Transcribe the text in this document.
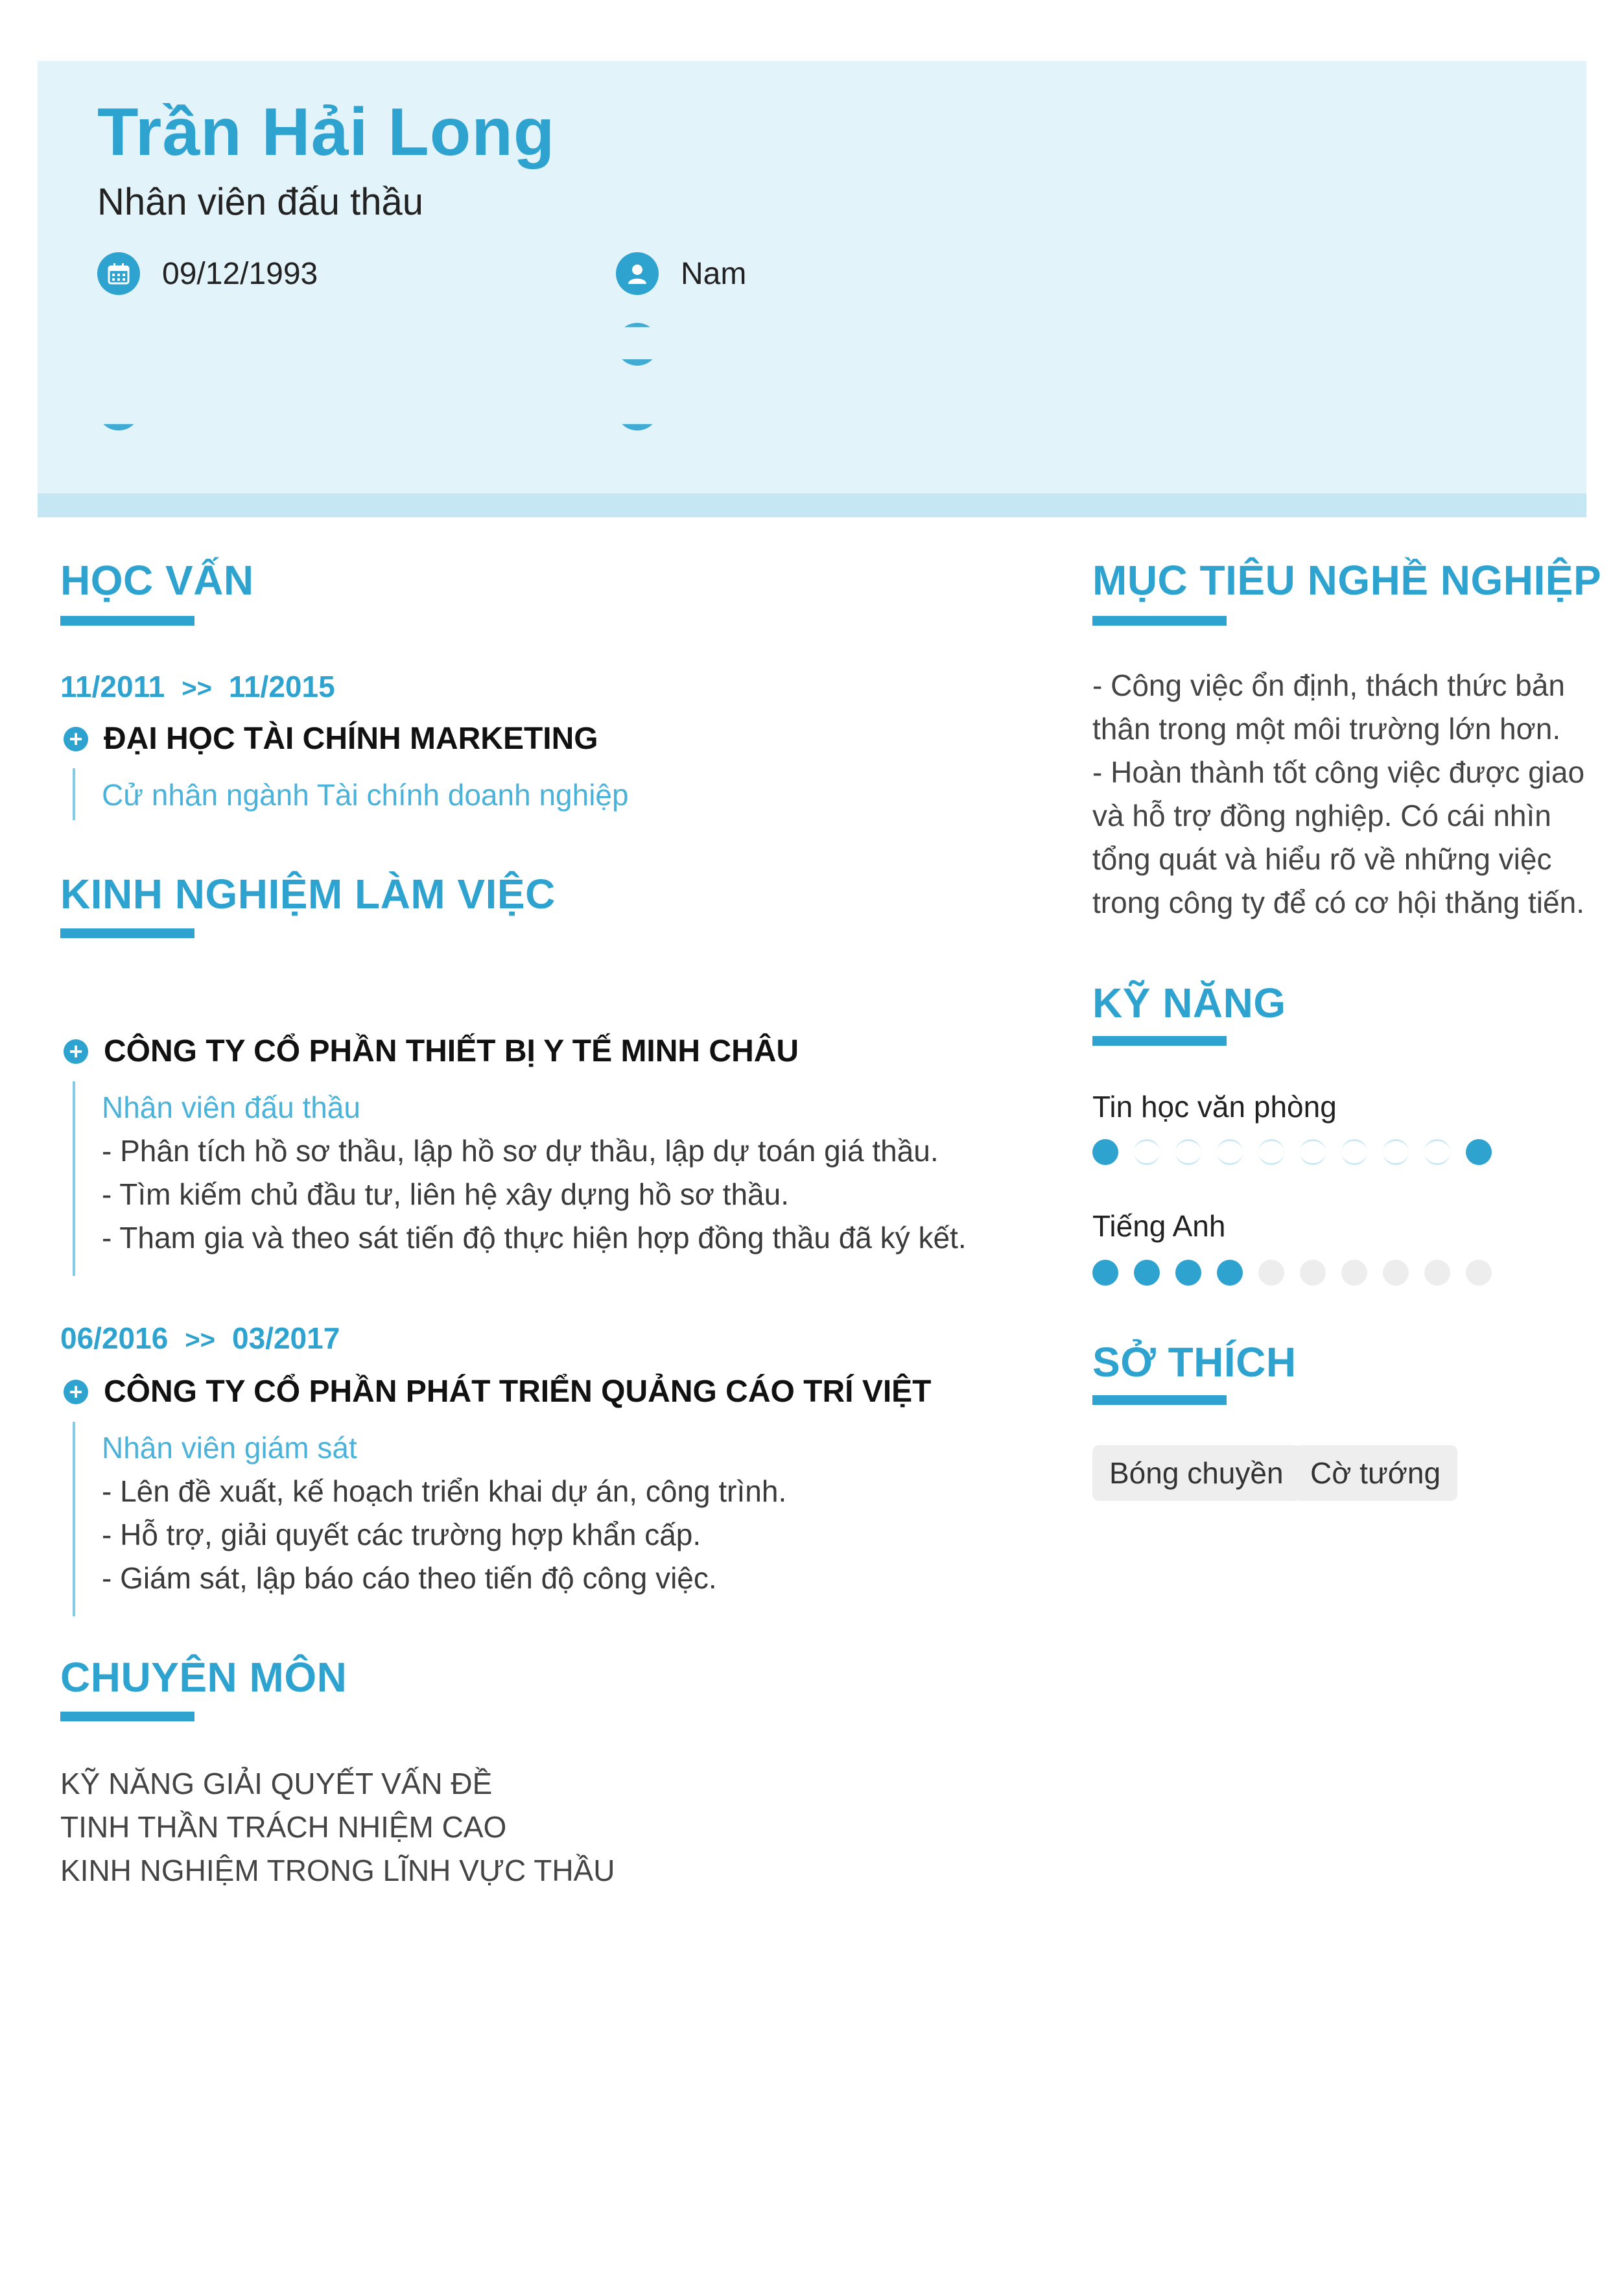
Trần Hải Long
Nhân viên đấu thầu
09/12/1993	Nam
HỌC VẤN
11/2011 >> 11/2015
+ ĐẠI HỌC TÀI CHÍNH MARKETING
Cử nhân ngành Tài chính doanh nghiệp
KINH NGHIỆM LÀM VIỆC
+ CÔNG TY CỔ PHẦN THIẾT BỊ Y TẾ MINH CHÂU
Nhân viên đấu thầu
- Phân tích hồ sơ thầu, lập hồ sơ dự thầu, lập dự toán giá thầu.
- Tìm kiếm chủ đầu tư, liên hệ xây dựng hồ sơ thầu.
- Tham gia và theo sát tiến độ thực hiện hợp đồng thầu đã ký kết.
06/2016 >> 03/2017
+ CÔNG TY CỔ PHẦN PHÁT TRIỂN QUẢNG CÁO TRÍ VIỆT
Nhân viên giám sát
- Lên đề xuất, kế hoạch triển khai dự án, công trình.
- Hỗ trợ, giải quyết các trường hợp khẩn cấp.
- Giám sát, lập báo cáo theo tiến độ công việc.
CHUYÊN MÔN
KỸ NĂNG GIẢI QUYẾT VẤN ĐỀ
TINH THẦN TRÁCH NHIỆM CAO
KINH NGHIỆM TRONG LĨNH VỰC THẦU
MỤC TIÊU NGHỀ NGHIỆP
- Công việc ổn định, thách thức bản
thân trong một môi trường lớn hơn.
- Hoàn thành tốt công việc được giao
và hỗ trợ đồng nghiệp. Có cái nhìn
tổng quát và hiểu rõ về những việc
trong công ty để có cơ hội thăng tiến.
KỸ NĂNG
Tin học văn phòng
Tiếng Anh
SỞ THÍCH
Bóng chuyền Cờ tướng
